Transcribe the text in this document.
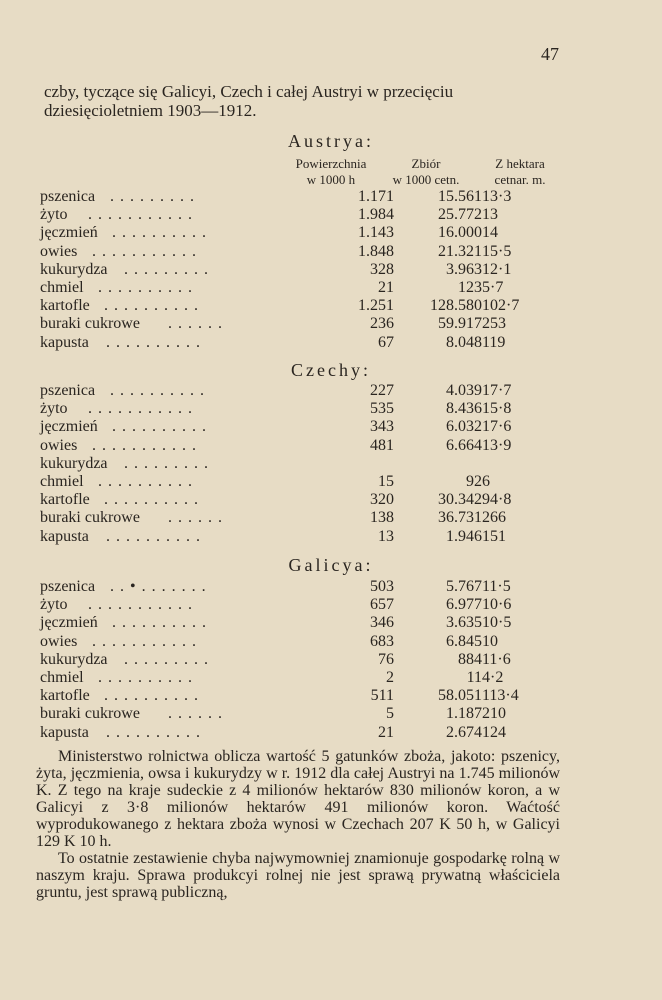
47
czby, tyczące się Galicyi, Czech i całej Austryi w przecięciu dziesięcioletniem 1903—1912.
Austrya:
Powierzchnia
w 1000 h
Zbiór
w 1000 cetn.
Z hektara
cetnar. m.
pszenica . . . . . . . . .	1.171	15.561 13·3
żyto . . . . . . . . . . .	1.984	25.772 13
jęczmień . . . . . . . . . .	1.143	16.000 14
owies . . . . . . . . . . .	1.848	21.321 15·5
kukurydza . . . . . . . . .	328	3.963 12·1
chmiel . . . . . . . . . .	21	123 5·7
kartofle . . . . . . . . . .	1.251	128.580 102·7
buraki cukrowe . . . . . .	236	59.917 253
kapusta . . . . . . . . . .	67	8.048 119
Czechy:
pszenica . . . . . . . . . .	227	4.039 17·7
żyto . . . . . . . . . . .	535	8.436 15·8
jęczmień . . . . . . . . . .	343	6.032 17·6
owies . . . . . . . . . . .	481	6.664 13·9
kukurydza . . . . . . . . .
chmiel . . . . . . . . . .	15	92 6
kartofle . . . . . . . . . .	320	30.342 94·8
buraki cukrowe . . . . . .	138	36.731 266
kapusta . . . . . . . . . .	13	1.946 151
Galicya:
pszenica . . • . . . . . . .	503	5.767 11·5
żyto . . . . . . . . . . .	657	6.977 10·6
jęczmień . . . . . . . . . .	346	3.635 10·5
owies . . . . . . . . . . .	683	6.845 10
kukurydza . . . . . . . . .	76	884 11·6
chmiel . . . . . . . . . .	2	11 4·2
kartofle . . . . . . . . . .	511	58.051 113·4
buraki cukrowe . . . . . .	5	1.187 210
kapusta . . . . . . . . . .	21	2.674 124

Ministerstwo rolnictwa oblicza wartość 5 gatunków zboża, jakoto: pszenicy, żyta, jęczmienia, owsa i kukurydzy w r. 1912 dla całej Austryi na 1.745 milionów K. Z tego na kraje sudeckie z 4 milionów hektarów 830 milionów koron, a w Galicyi z 3·8 milionów hektarów 491 milionów koron. Waćtość wyprodukowanego z hektara zboża wynosi w Czechach 207 K 50 h, w Galicyi 129 K 10 h.

To ostatnie zestawienie chyba najwymowniej znamionuje gospodarkę rolną w naszym kraju. Sprawa produkcyi rolnej nie jest sprawą prywatną właściciela gruntu, jest sprawą publiczną,
